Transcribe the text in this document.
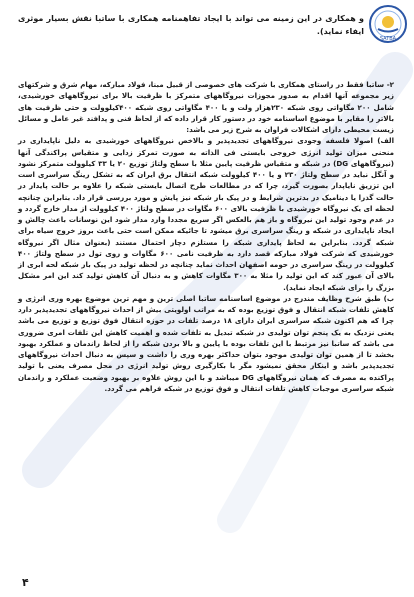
SATBA

و همکاری در این زمینه می تواند با ایجاد تفاهمنامه همکاری با ساتبا نقش بسیار موثری ایفاء نماید).

۲- ساتبا فقط در راستای همکاری با شرکت های خصوصی از قبیل مبنا، فولاد مبارکه، مهام شرق و شرکتهای زیر مجموعه آنها اقدام به صدور مجوزات نیروگاههای متمرکز با ظرفیت بالا برای نیروگاههای خورشیدی، شامل ۲۰۰ مگاواتی روی شبکه ۲۳۰هزار ولت و یا ۴۰۰ مگاواتی روی شبکه ۴۰۰کیلوولت و حتی ظرفیت های بالاتر را مقایر با موضوع اساسنامه خود در دستور کار قرار داده که از لحاظ فنی و پدافند غیر عامل و مسائل زیست محیطی دارای اشکالات فراوان به شرح زیر می باشد:

الف) اصولا فلسفه وجودی نیروگاههای تجدیدپذیر و بالاخص نیروگاههای خورشیدی به دلیل ناپایداری در منحنی میزان تولید انرژی خروجی بایستی فی الذاته به صورت تمرکز زدایی و متقیاس پراکندگی آنها (نیروگاههای DG) در شبکه و متقیاس ظرفیت پایین مثلا با سطح ولتاژ توزیع ۲۰ یا ۳۳ کیلوولت متمرکز نشود و آنگل نباید در سطح ولتاژ ۲۳۰ و یا ۴۰۰ کیلوولت شبکه انتقال برق ایران که به تشکل رینگ سراسری است این تزریق نایاپدار بصورت گیرد، چرا که در مطالعات طرح اتصال بایستی شبکه را علاوه بر حالت پایدار در حالت گذرا یا دینامیک در بدترین شرایط و در پیک بار شبکه نیز پایش و مورد بررسی قرار داد. بنابراین چنانچه لحظه ای یک نیروگاه خورشیدی با ظرفیت بالای ۶۰۰ مگاوات در سطح ولتاژ ۴۰۰ کیلوولت از مدار خارج گردد و در عدم وجود تولید این نیروگاه و باز هم بالعکس اگر سریع مجددا وارد مدار شود این نوسانات باعث چالش و ایجاد ناپایداری در شبکه و رینگ سراسری برق میشود تا جائیکه ممکن است حتی باعث بروز خروج سیاه برای شبکه گردد. بنابراین به لحاظ پایداری شبکه را مستلزم دچار احتمال مستند (بعنوان مثال اگر نیروگاه خورشیدی که شرکت فولاد مبارکه قصد دارد به ظرفیت نامی ۶۰۰ مگاوات و روی تول در سطح ولتاژ ۴۰۰ کیلوولت در رینگ سراسری در حومه اصفهان احداث نماید چنانچه در لحظه تولید در پیک بار شبکه لحه ابری از بالای آن عبور کند که این تولید را مثلا به ۳۰۰ مگاوات کاهش و به دنبال آن کاهش تولید کند این امر مشکل بزرگ را برای شبکه ایجاد نماید).

ب) طبق شرح وظایف مندرج در موضوع اساسنامه ساتبا اصلی ترین و مهم ترین موضوع بهره وری انرژی و کاهش تلفات شبکه انتقال و فوق توزیع بوده که به مراتب اولویتی بیش از احداث نیروگاههای تجدیدپذیر دارد چرا که هم اکنون شبکه سراسری ایران دارای ۱۸ درصد تلفات در حوزه انتقال فوق توزیع و توزیع می باشد یعنی نزدیک به یک پنجم توان تولیدی در شبکه تبدیل به تلفات شده و اهمیت کاهش این تلفات امری ضروری می باشد که ساتبا نیز مرتبط با این تلفات بوده با پایین و بالا بردن شبکه را از لحاظ راندمان و عملکرد بهبود بخشد تا از همین توان تولیدی موجود بتوان حداکثر بهره وری را داشت و سپس به دنبال احداث نیروگاههای تجدیدپذیر باشد و اینکار محقق نمیشود مگر با بکارگیری روش تولید انرژی در محل مصرف یعنی با تولید پراکنده به مصرف که همان نیروگاههای DG میباشد و با این روش علاوه بر بهبود وضعیت عملکرد و راندمان شبکه سراسری موجبات کاهش تلفات انتقال و فوق توزیع در شبکه فراهم می گردد.

۴
